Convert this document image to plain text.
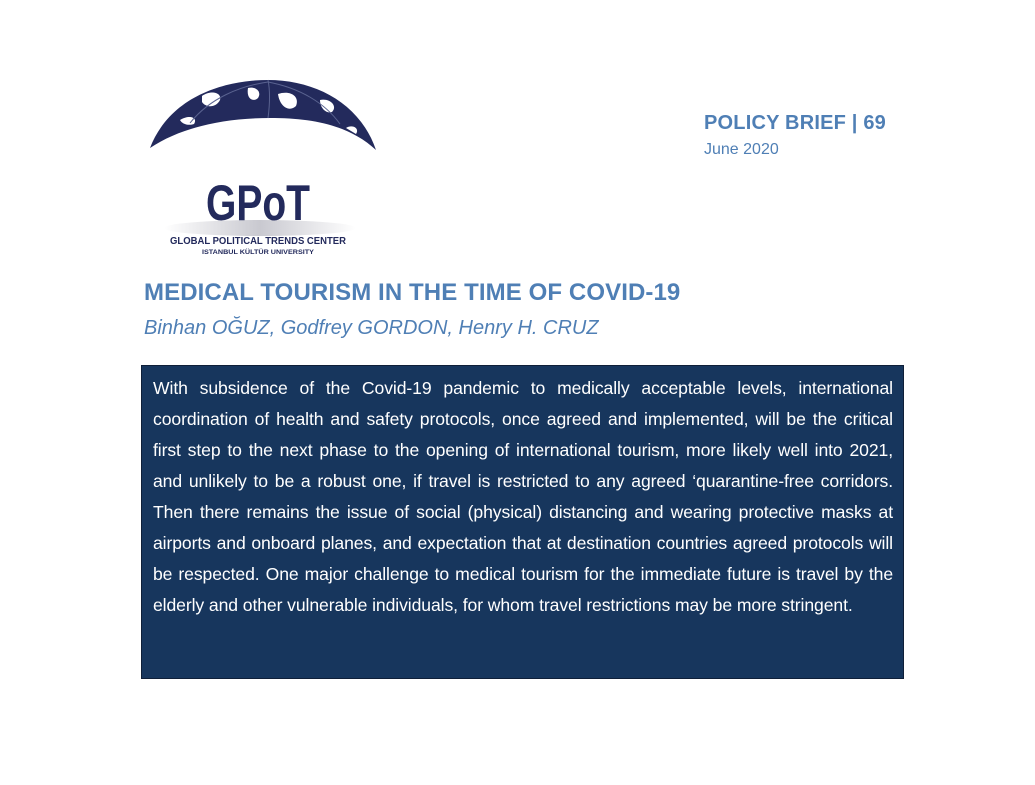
GPoT
GLOBAL POLITICAL TRENDS CENTER
ISTANBUL KÜLTÜR UNIVERSITY
POLICY BRIEF | 69
June 2020
MEDICAL TOURISM IN THE TIME OF COVID-19
Binhan OĞUZ, Godfrey GORDON, Henry H. CRUZ

With subsidence of the Covid-19 pandemic to medically acceptable levels, international coordination of health and safety protocols, once agreed and implemented, will be the critical first step to the next phase to the opening of international tourism, more likely well into 2021, and unlikely to be a robust one, if travel is restricted to any agreed ‘quarantine-free corridors. Then there remains the issue of social (physical) distancing and wearing protective masks at airports and onboard planes, and expectation that at destination countries agreed protocols will be respected. One major challenge to medical tourism for the immediate future is travel by the elderly and other vulnerable individuals, for whom travel restrictions may be more stringent.
